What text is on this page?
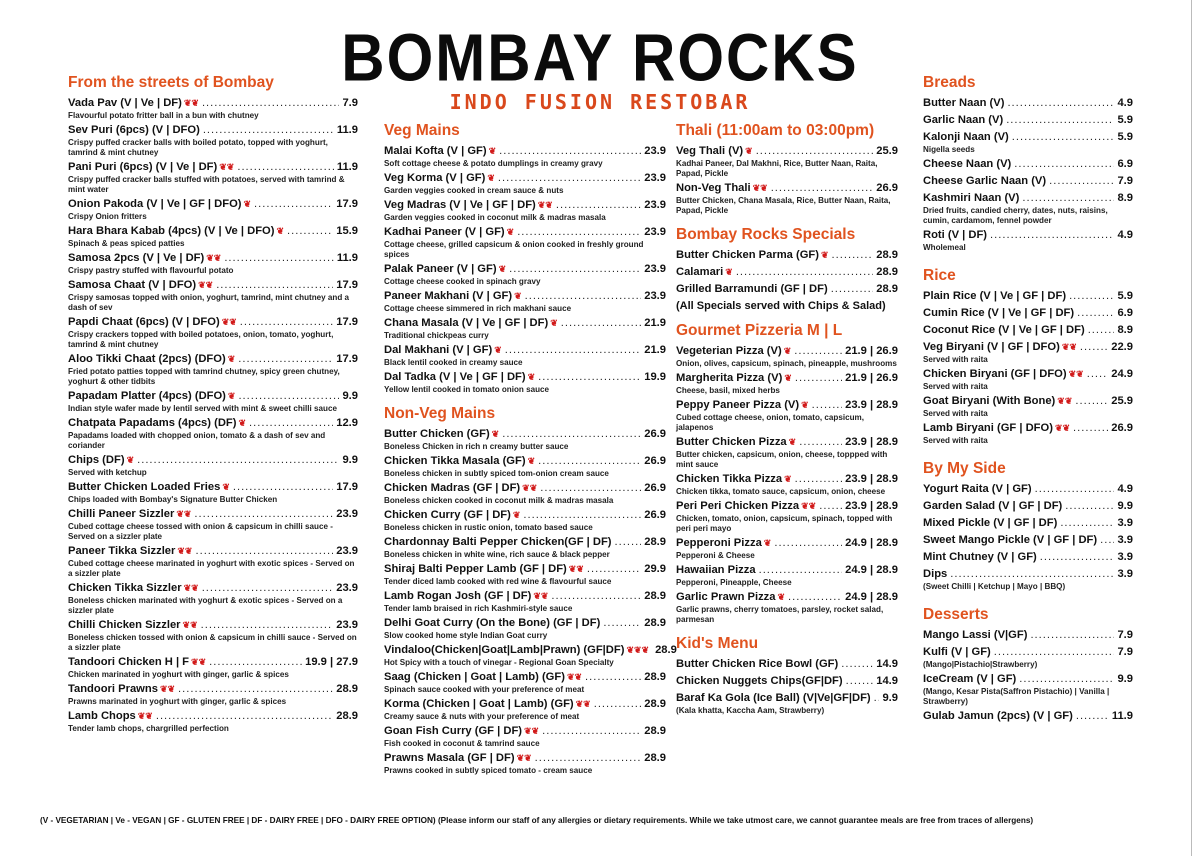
BOMBAY ROCKS
INDO FUSION RESTOBAR
From the streets of Bombay
Vada Pav (V | Ve | DF) ❦❦ .....	7.9
Flavourful potato fritter ball in a bun with chutney
Sev Puri (6pcs) (V | DFO) .....	11.9
Crispy puffed cracker balls with boiled potato, topped with yoghurt, tamrind & mint chutney
Pani Puri (6pcs) (V | Ve | DF) ❦❦ .....	11.9
Crispy puffed cracker balls stuffed with potatoes, served with tamrind & mint water
Onion Pakoda (V | Ve | GF | DFO) ❦ .....	17.9
Crispy Onion fritters
Hara Bhara Kabab (4pcs) (V | Ve | DFO) ❦ .....	15.9
Spinach & peas spiced patties
Samosa 2pcs (V | Ve | DF) ❦❦ .....	11.9
Crispy pastry stuffed with flavourful potato
Samosa Chaat (V | DFO) ❦❦ .....	17.9
Crispy samosas topped with onion, yoghurt, tamrind, mint chutney and a dash of sev
Papdi Chaat (6pcs) (V | DFO) ❦❦ .....	17.9
Crispy crackers topped with boiled potatoes, onion, tomato, yoghurt, tamrind & mint chutney
Aloo Tikki Chaat (2pcs) (DFO) ❦ .....	17.9
Fried potato patties topped with tamrind chutney, spicy green chutney, yoghurt & other tidbits
Papadam Platter (4pcs) (DFO) ❦ .....	9.9
Indian style wafer made by lentil served with mint & sweet chilli sauce
Chatpata Papadams (4pcs) (DF) ❦ .....	12.9
Papadams loaded with chopped onion, tomato & a dash of sev and coriander
Chips (DF) ❦ .....	9.9
Served with ketchup
Butter Chicken Loaded Fries ❦ .....	17.9
Chips loaded with Bombay's Signature Butter Chicken
Chilli Paneer Sizzler ❦❦ .....	23.9
Cubed cottage cheese tossed with onion & capsicum in chilli sauce - Served on a sizzler plate
Paneer Tikka Sizzler ❦❦ .....	23.9
Cubed cottage cheese marinated in yoghurt with exotic spices - Served on a sizzler plate
Chicken Tikka Sizzler ❦❦ .....	23.9
Boneless chicken marinated with yoghurt & exotic spices - Served on a sizzler plate
Chilli Chicken Sizzler ❦❦ .....	23.9
Boneless chicken tossed with onion & capsicum in chilli sauce - Served on a sizzler plate
Tandoori Chicken H | F ❦❦ .....	19.9 | 27.9
Chicken marinated in yoghurt with ginger, garlic & spices
Tandoori Prawns ❦❦ .....	28.9
Prawns marinated in yoghurt with ginger, garlic & spices
Lamb Chops ❦❦ .....	28.9
Tender lamb chops, chargrilled perfection
Veg Mains
Malai Kofta (V | GF) ❦ .....	23.9
Soft cottage cheese & potato dumplings in creamy gravy
Veg Korma (V | GF) ❦ .....	23.9
Garden veggies cooked in cream sauce & nuts
Veg Madras (V | Ve | GF | DF) ❦❦ .....	23.9
Garden veggies cooked in coconut milk & madras masala
Kadhai Paneer (V | GF) ❦ .....	23.9
Cottage cheese, grilled capsicum & onion cooked in freshly ground spices
Palak Paneer (V | GF) ❦ .....	23.9
Cottage cheese cooked in spinach gravy
Paneer Makhani (V | GF) ❦ .....	23.9
Cottage cheese simmered in rich makhani sauce
Chana Masala (V | Ve | GF | DF) ❦ .....	21.9
Traditional chickpeas curry
Dal Makhani (V | GF) ❦ .....	21.9
Black lentil cooked in creamy sauce
Dal Tadka (V | Ve | GF | DF) ❦ .....	19.9
Yellow lentil cooked in tomato onion sauce
Non-Veg Mains
Butter Chicken (GF) ❦ .....	26.9
Boneless Chicken in rich n creamy butter sauce
Chicken Tikka Masala (GF) ❦ .....	26.9
Boneless chicken in subtly spiced tom-onion cream sauce
Chicken Madras (GF | DF) ❦❦ .....	26.9
Boneless chicken cooked in coconut milk & madras masala
Chicken Curry (GF | DF) ❦ .....	26.9
Boneless chicken in rustic onion, tomato based sauce
Chardonnay Balti Pepper Chicken(GF | DF) .....	28.9
Boneless chicken in white wine, rich sauce & black pepper
Shiraj Balti Pepper Lamb (GF | DF) ❦❦ .....	29.9
Tender diced lamb cooked with red wine & flavourful sauce
Lamb Rogan Josh (GF | DF) ❦❦ .....	28.9
Tender lamb braised in rich Kashmiri-style sauce
Delhi Goat Curry (On the Bone) (GF | DF) .....	28.9
Slow cooked home style Indian Goat curry
Vindaloo(Chicken|Goat|Lamb|Prawn) (GF|DF) ❦❦❦ 28.9
Hot Spicy with a touch of vinegar - Regional Goan Specialty
Saag (Chicken | Goat | Lamb) (GF) ❦❦ .....	28.9
Spinach sauce cooked with your preference of meat
Korma (Chicken | Goat | Lamb) (GF) ❦❦ .....	28.9
Creamy sauce & nuts with your preference of meat
Goan Fish Curry (GF | DF) ❦❦ .....	28.9
Fish cooked in coconut & tamrind sauce
Prawns Masala (GF | DF) ❦❦ .....	28.9
Prawns cooked in subtly spiced tomato - cream sauce
Thali (11:00am to 03:00pm)
Veg Thali (V) ❦ .....	25.9
Kadhai Paneer, Dal Makhni, Rice, Butter Naan, Raita, Papad, Pickle
Non-Veg Thali ❦❦ .....	26.9
Butter Chicken, Chana Masala, Rice, Butter Naan, Raita, Papad, Pickle
Bombay Rocks Specials
Butter Chicken Parma (GF) ❦ .....	28.9
Calamari ❦ .....	28.9
Grilled Barramundi (GF | DF) .....	28.9
(All Specials served with Chips & Salad)
Gourmet Pizzeria M | L
Vegeterian Pizza (V) ❦ .....	21.9 | 26.9
Onion, olives, capsicum, spinach, pineapple, mushrooms
Margherita Pizza (V) ❦ .....	21.9 | 26.9
Cheese, basil, mixed herbs
Peppy Paneer Pizza (V) ❦ .....	23.9 | 28.9
Cubed cottage cheese, onion, tomato, capsicum, jalapenos
Butter Chicken Pizza ❦ .....	23.9 | 28.9
Butter chicken, capsicum, onion, cheese, toppped with mint sauce
Chicken Tikka Pizza ❦ .....	23.9 | 28.9
Chicken tikka, tomato sauce, capsicum, onion, cheese
Peri Peri Chicken Pizza ❦❦ .....	23.9 | 28.9
Chicken, tomato, onion, capsicum, spinach, topped with peri peri mayo
Pepperoni Pizza ❦ .....	24.9 | 28.9
Pepperoni & Cheese
Hawaiian Pizza .....	24.9 | 28.9
Pepperoni, Pineapple, Cheese
Garlic Prawn Pizza ❦ .....	24.9 | 28.9
Garlic prawns, cherry tomatoes, parsley, rocket salad, parmesan
Kid's Menu
Butter Chicken Rice Bowl (GF) .....	14.9
Chicken Nuggets Chips(GF|DF) .....	14.9
Baraf Ka Gola (Ice Ball) (V|Ve|GF|DF) ..... 9.9
(Kala khatta, Kaccha Aam, Strawberry)
Breads
Butter Naan (V) .....	4.9
Garlic Naan (V) .....	5.9
Kalonji Naan (V) .....	5.9
Nigella seeds
Cheese Naan (V) .....	6.9
Cheese Garlic Naan (V) .....	7.9
Kashmiri Naan (V) .....	8.9
Dried fruits, candied cherry, dates, nuts, raisins, cumin, cardamom, fennel powder
Roti (V | DF) .....	4.9
Wholemeal
Rice
Plain Rice (V | Ve | GF | DF) .....	5.9
Cumin Rice (V | Ve | GF | DF) .....	6.9
Coconut Rice (V | Ve | GF | DF) .....	8.9
Veg Biryani (V | GF | DFO) ❦❦ .....	22.9
Served with raita
Chicken Biryani (GF | DFO) ❦❦ ..... 24.9
Served with raita
Goat Biryani (With Bone) ❦❦ .....	25.9
Served with raita
Lamb Biryani (GF | DFO) ❦❦ .....	26.9
Served with raita
By My Side
Yogurt Raita (V | GF) .....	4.9
Garden Salad (V | GF | DF) .....	9.9
Mixed Pickle (V | GF | DF) .....	3.9
Sweet Mango Pickle (V | GF | DF) ..... 3.9
Mint Chutney (V | GF) .....	3.9
Dips .....	3.9
(Sweet Chilli | Ketchup | Mayo | BBQ)
Desserts
Mango Lassi (V|GF) .....	7.9
Kulfi (V | GF) .....	7.9
(Mango|Pistachio|Strawberry)
IceCream (V | GF) .....	9.9
(Mango, Kesar Pista(Saffron Pistachio) | Vanilla | Strawberry)
Gulab Jamun (2pcs) (V | GF) .....	11.9
(V - VEGETARIAN | Ve - VEGAN | GF - GLUTEN FREE | DF - DAIRY FREE | DFO - DAIRY FREE OPTION) (Please inform our staff of any allergies or dietary requirements. While we take utmost care, we cannot guarantee meals are free from traces of allergens)
